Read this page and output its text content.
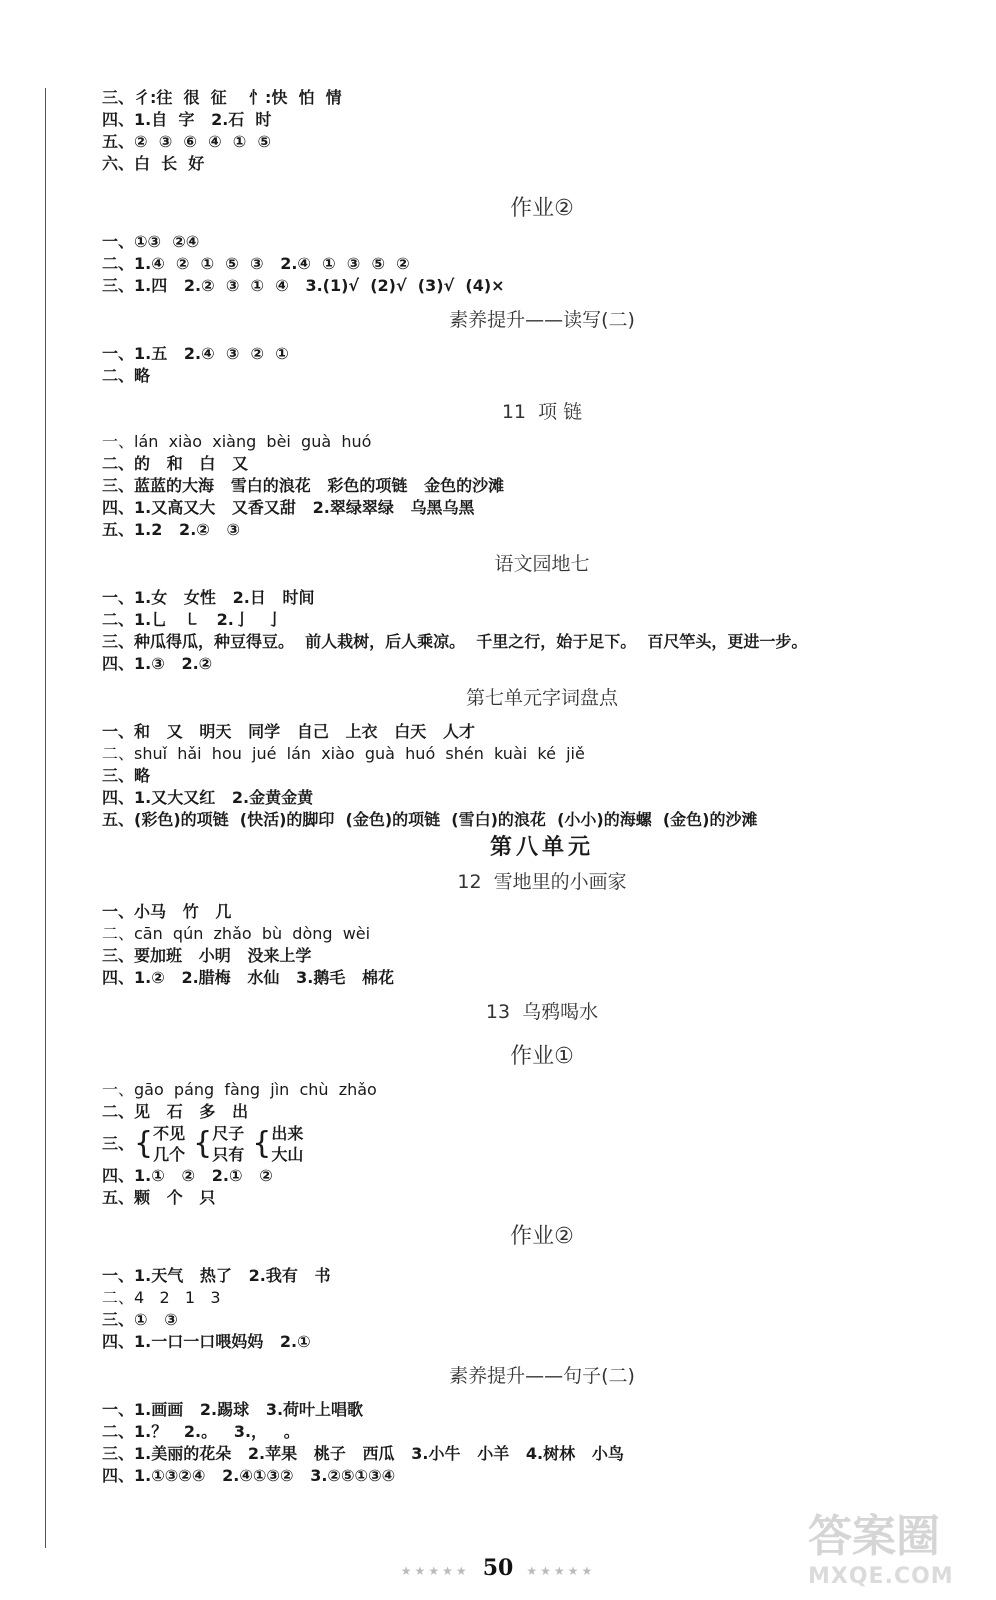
三、彳:往  很  征    忄:快  怕  情
四、1.自  字   2.石  时
五、②  ③  ⑥  ④  ①  ⑤
六、白  长  好
作业②
一、①③  ②④
二、1.④  ②  ①  ⑤  ③   2.④  ①  ③  ⑤  ②
三、1.四   2.②  ③  ①  ④   3.(1)√  (2)√  (3)√  (4)×
素养提升——读写(二)
一、1.五   2.④  ③  ②  ①
二、略
11  项 链
一、lán  xiào  xiàng  bèi  guà  huó
二、的   和   白   又
三、蓝蓝的大海   雪白的浪花   彩色的项链   金色的沙滩
四、1.又高又大   又香又甜   2.翠绿翠绿   乌黑乌黑
五、1.2   2.②   ③
语文园地七
一、1.女   女性   2.日   时间
二、1.乚   ㇄   2.亅   亅
三、种瓜得瓜，种豆得豆。  前人栽树，后人乘凉。  千里之行，始于足下。  百尺竿头，更进一步。
四、1.③   2.②
第七单元字词盘点
一、和   又   明天   同学   自己   上衣   白天   人才
二、shuǐ  hǎi  hou  jué  lán  xiào  guà  huó  shén  kuài  ké  jiě
三、略
四、1.又大又红   2.金黄金黄
五、(彩色)的项链  (快活)的脚印  (金色)的项链  (雪白)的浪花  (小小)的海螺  (金色)的沙滩
第八单元
12  雪地里的小画家
一、小马   竹   几
二、cān  qún  zhǎo  bù  dòng  wèi
三、要加班   小明   没来上学
四、1.②   2.腊梅   水仙   3.鹅毛   棉花
13  乌鸦喝水
作业①
一、gāo  páng  fàng  jìn  chù  zhǎo
二、见   石   多   出
三、 { 不见
几个 { 尺子
只有 { 出来
大山
四、1.①   ②   2.①   ②
五、颗   个   只
作业②
一、1.天气   热了   2.我有   书
二、4   2   1   3
三、①   ③
四、1.一口一口喂妈妈   2.①
素养提升——句子(二)
一、1.画画   2.踢球   3.荷叶上唱歌
二、1.？   2.。   3.，   。
三、1.美丽的花朵   2.苹果   桃子   西瓜   3.小牛   小羊   4.树林   小鸟
四、1.①③②④   2.④①③②   3.②⑤①③④
★★★★★ 50 ★★★★★
答案圈
MXQE.COM
